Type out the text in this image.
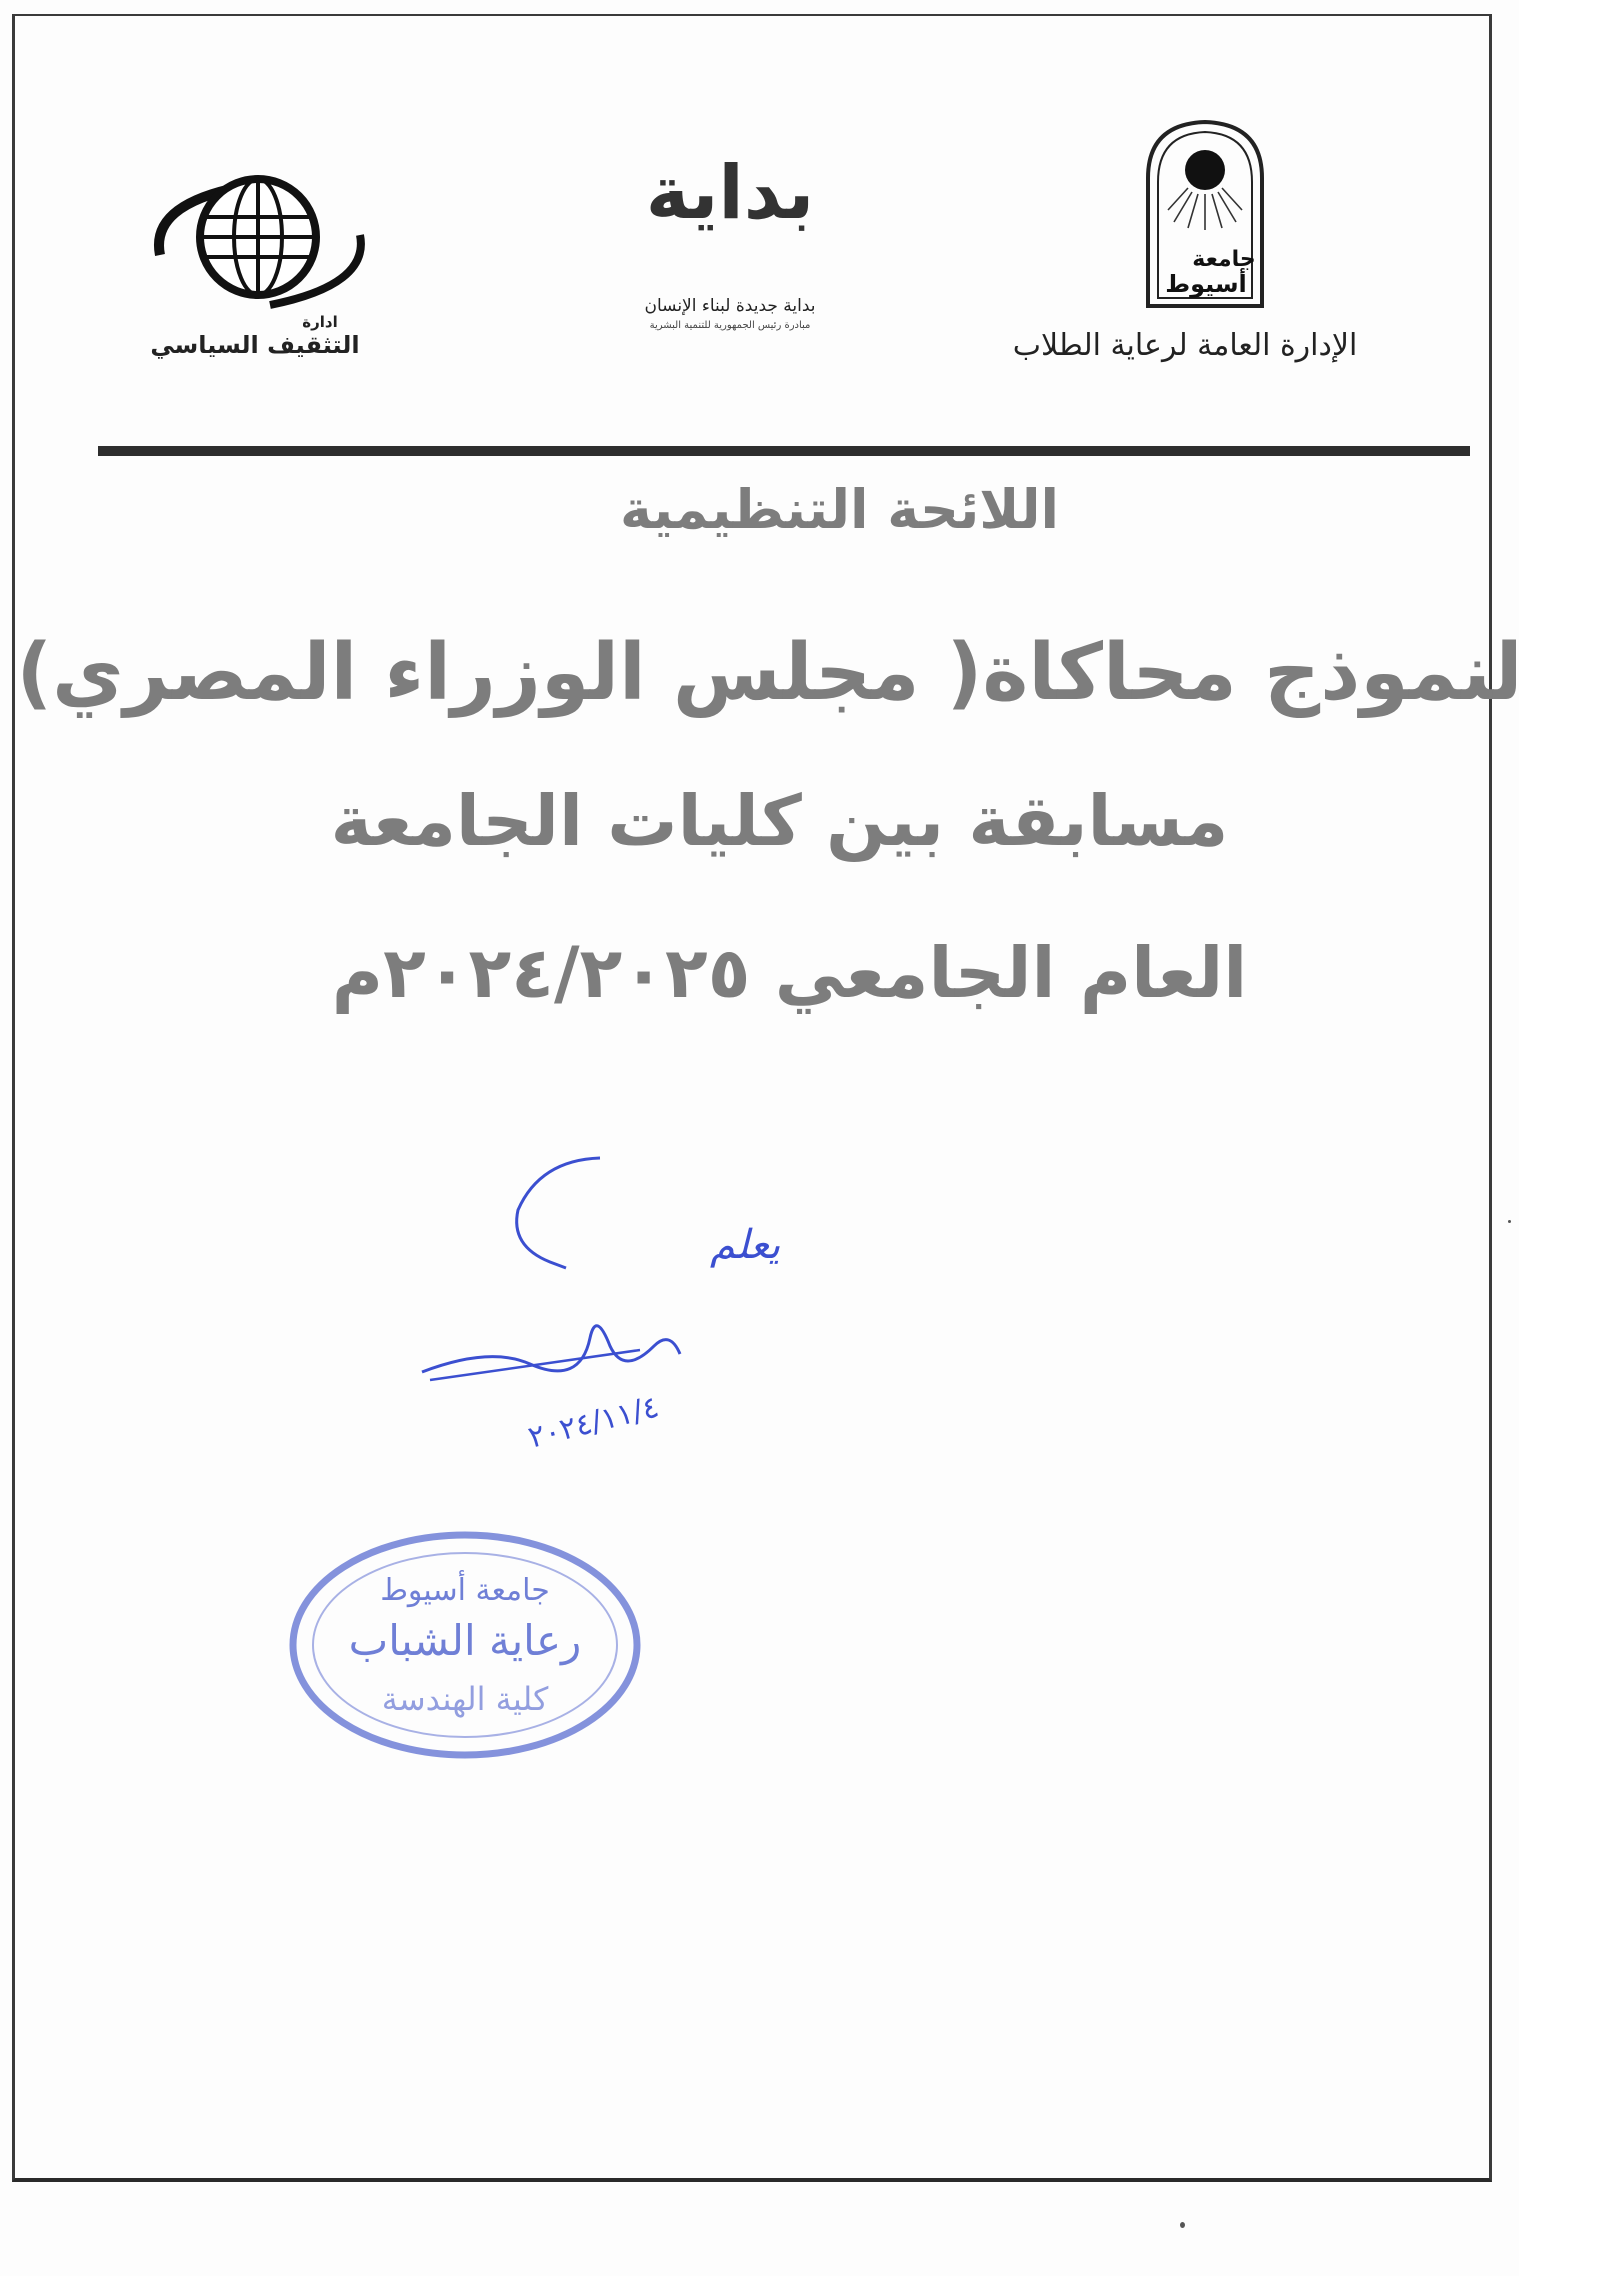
جامعة
أسيوط
الإدارة العامة لرعاية الطلاب
بداية
بداية جديدة لبناء الإنسان
مبادرة رئيس الجمهورية للتنمية البشرية
ادارة
التثقيف السياسي
اللائحة التنظيمية
لنموذج محاكاة( مجلس الوزراء المصري)
مسابقة بين كليات الجامعة
العام الجامعي ٢٠٢٤/٢٠٢٥م
يعلم
٢٠٢٤/١١/٤
جامعة أسيوط
رعاية الشباب
كلية الهندسة
